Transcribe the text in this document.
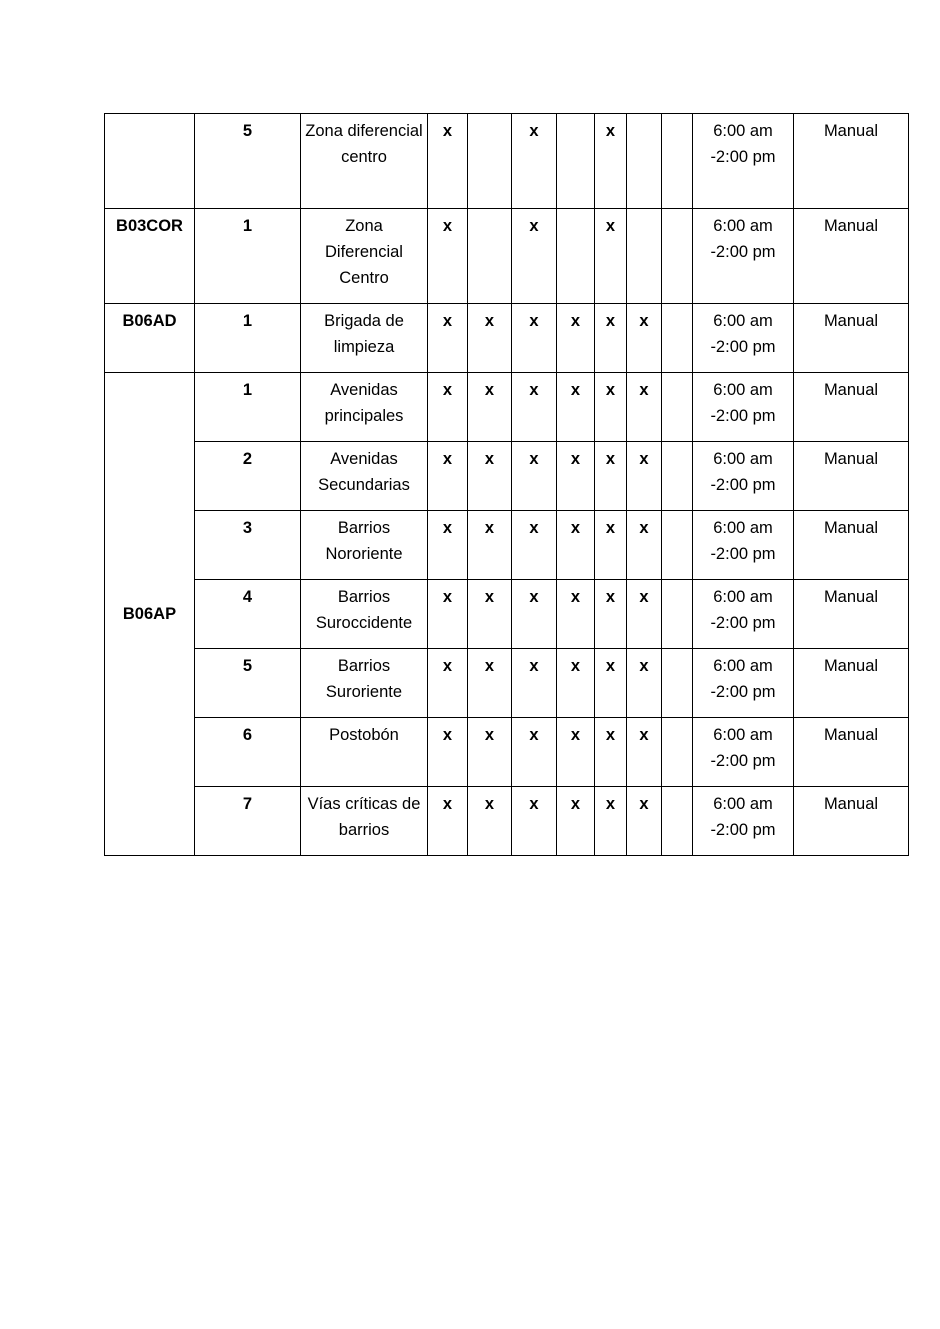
	5	Zona diferencial centro	x		x		x			6:00 am -2:00 pm	Manual
B03COR	1	Zona Diferencial Centro	x		x		x			6:00 am -2:00 pm	Manual
B06AD	1	Brigada de limpieza	x	x	x	x	x	x		6:00 am -2:00 pm	Manual
B06AP	1	Avenidas principales	x	x	x	x	x	x		6:00 am -2:00 pm	Manual
	2	Avenidas Secundarias	x	x	x	x	x	x		6:00 am -2:00 pm	Manual
	3	Barrios Nororiente	x	x	x	x	x	x		6:00 am -2:00 pm	Manual
	4	Barrios Suroccidente	x	x	x	x	x	x		6:00 am -2:00 pm	Manual
	5	Barrios Suroriente	x	x	x	x	x	x		6:00 am -2:00 pm	Manual
	6	Postobón	x	x	x	x	x	x		6:00 am -2:00 pm	Manual
	7	Vías críticas de barrios	x	x	x	x	x	x		6:00 am -2:00 pm	Manual
